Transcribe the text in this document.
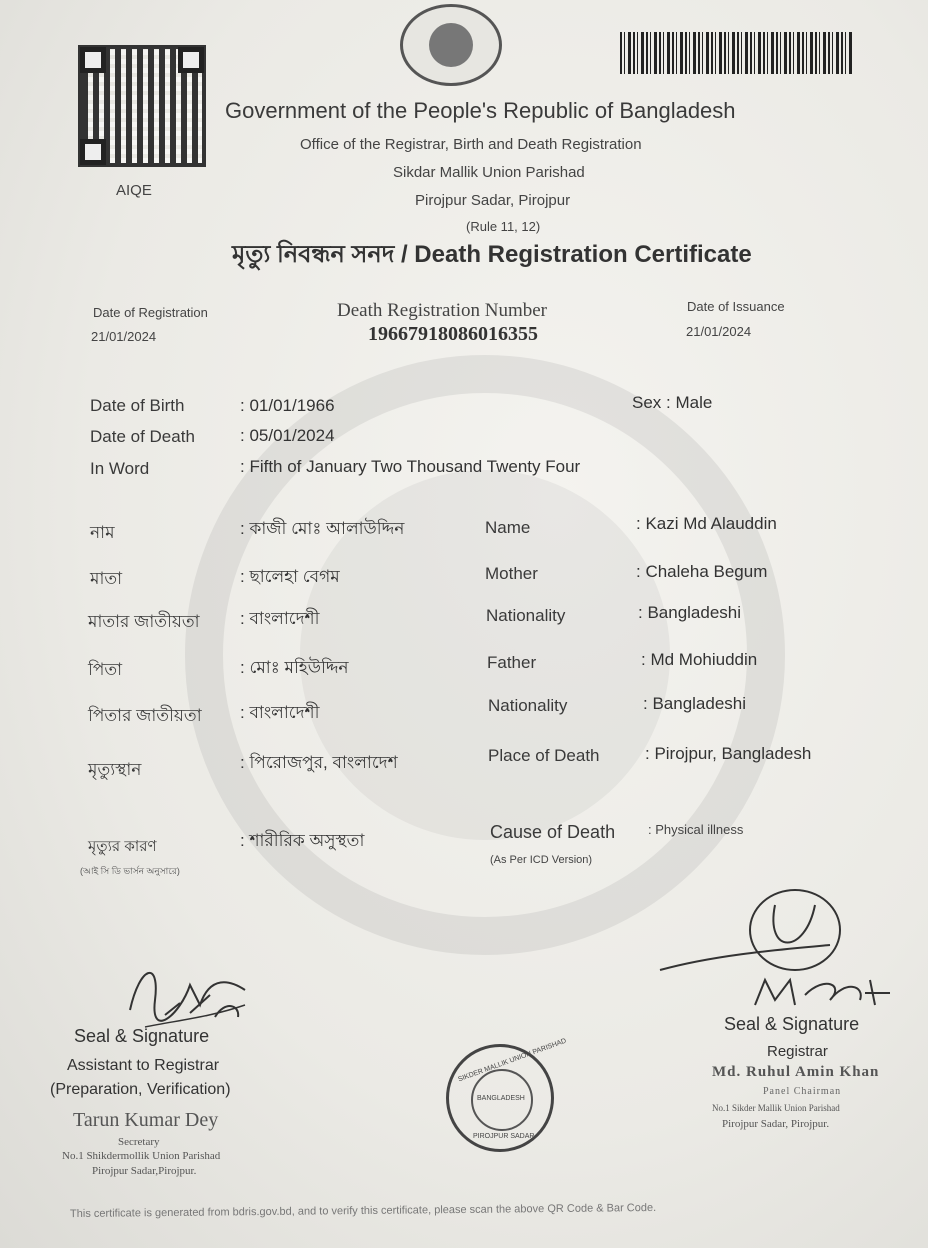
AIQE
Government of the People's Republic of Bangladesh
Office of the Registrar, Birth and Death Registration
Sikdar Mallik Union Parishad
Pirojpur Sadar, Pirojpur
(Rule 11, 12)
মৃত্যু নিবন্ধন সনদ / Death Registration Certificate
Date of Registration
21/01/2024
Death Registration Number
19667918086016355
Date of Issuance
21/01/2024
Date of Birth	: 01/01/1966
Date of Death	: 05/01/2024
In Word	: Fifth of January Two Thousand Twenty Four
Sex : Male
নাম	: কাজী মোঃ আলাউদ্দিন	Name	: Kazi Md Alauddin
মাতা	: ছালেহা বেগম	Mother	: Chaleha Begum
মাতার জাতীয়তা : বাংলাদেশী	Nationality	: Bangladeshi
পিতা	: মোঃ মহিউদ্দিন	Father	: Md Mohiuddin
পিতার জাতীয়তা : বাংলাদেশী	Nationality	: Bangladeshi
মৃত্যুস্থান	: পিরোজপুর, বাংলাদেশ	Place of Death	: Pirojpur, Bangladesh
মৃত্যুর কারণ
(আই সি ডি ভার্সন অনুসারে)
: শারীরিক অসুস্থতা	Cause of Death	: Physical illness
(As Per ICD Version)
Seal & Signature
Assistant to Registrar
(Preparation, Verification)
Tarun Kumar Dey
Secretary
No.1 Shikdermollik Union Parishad
Pirojpur Sadar,Pirojpur.
SIKDER MALLIK UNION PARISHAD
BANGLADESH
PIROJPUR SADAR
Seal & Signature
Registrar
Md. Ruhul Amin Khan
Panel Chairman
No.1 Sikder Mallik Union Parishad
Pirojpur Sadar, Pirojpur.
This certificate is generated from bdris.gov.bd, and to verify this certificate, please scan the above QR Code & Bar Code.
